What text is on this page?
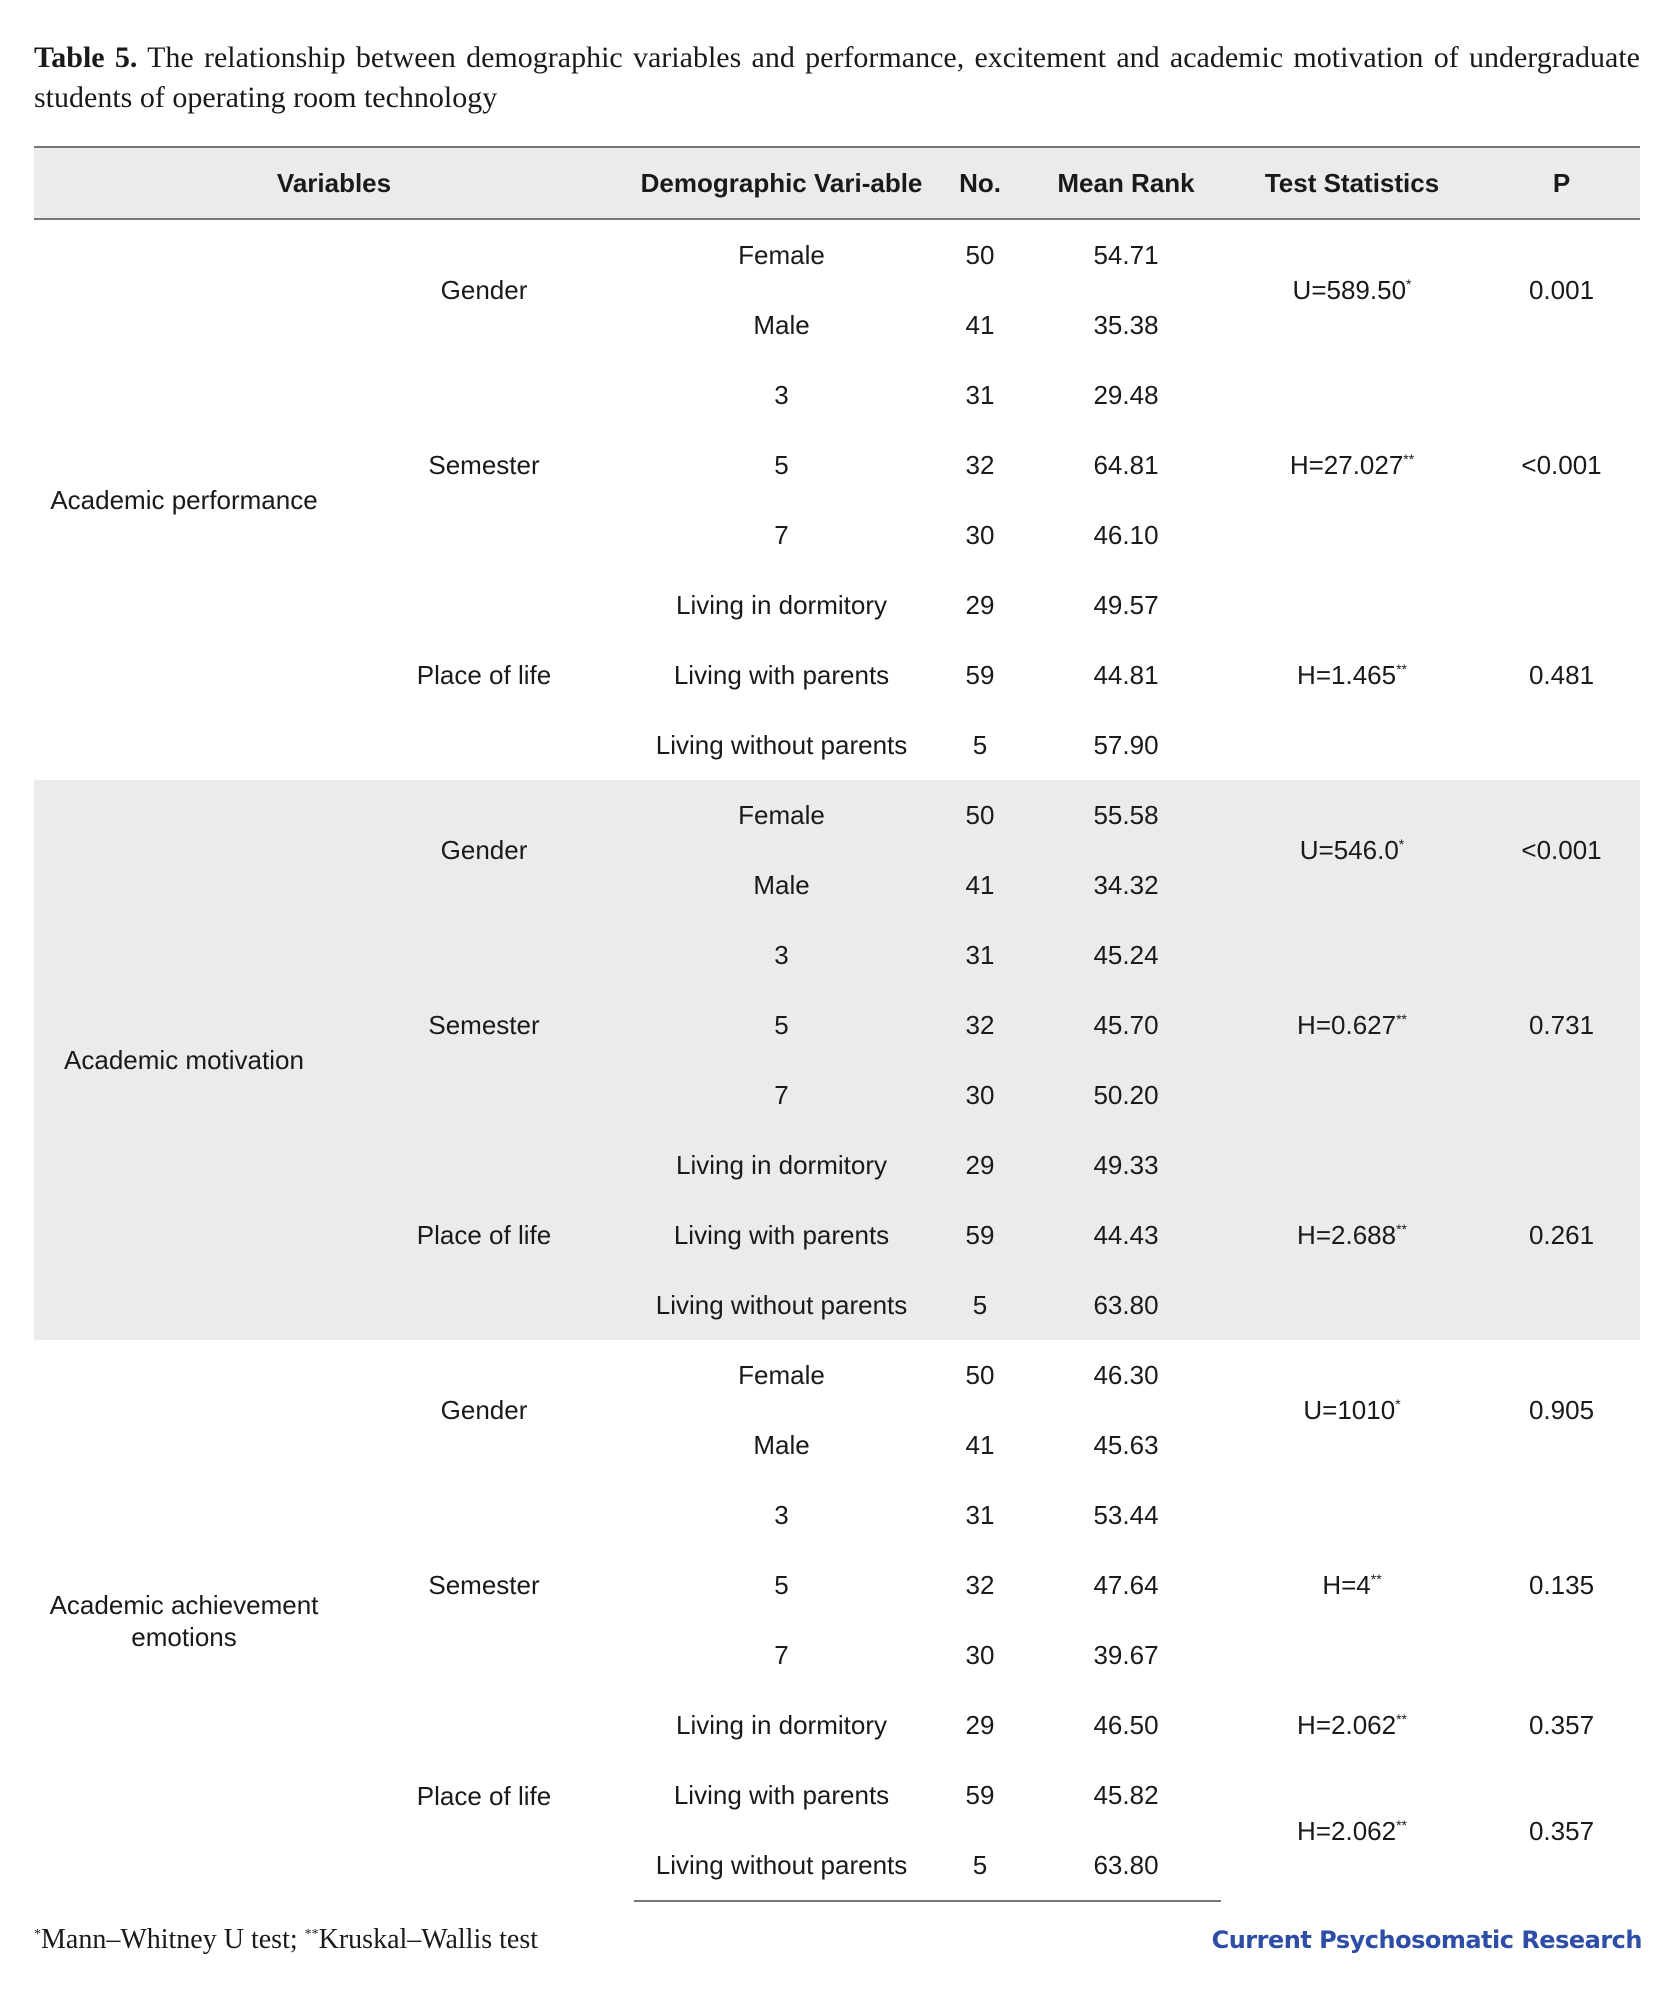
Table 5. The relationship between demographic variables and performance, excitement and academic motivation of undergraduate students of operating room technology
Variables		Demographic Vari-able	No.	Mean Rank	Test Statistics	P
Academic performance	Gender	Female	50	54.71	U=589.50*	0.001
		Male	41	35.38		
	Semester	3	31	29.48	H=27.027**	<0.001
		5	32	64.81		
		7	30	46.10		
	Place of life	Living in dormitory	29	49.57	H=1.465**	0.481
		Living with parents	59	44.81		
		Living without parents	5	57.90		
Academic motivation	Gender	Female	50	55.58	U=546.0*	<0.001
		Male	41	34.32		
	Semester	3	31	45.24	H=0.627**	0.731
		5	32	45.70		
		7	30	50.20		
	Place of life	Living in dormitory	29	49.33	H=2.688**	0.261
		Living with parents	59	44.43		
		Living without parents	5	63.80		
Academic achievement emotions	Gender	Female	50	46.30	U=1010*	0.905
		Male	41	45.63		
	Semester	3	31	53.44	H=4**	0.135
		5	32	47.64		
		7	30	39.67		
	Place of life	Living in dormitory	29	46.50	H=2.062**	0.357
		Living with parents	59	45.82	H=2.062**	0.357
		Living without parents	5	63.80		
*Mann–Whitney U test; **Kruskal–Wallis test	Current Psychosomatic Research
